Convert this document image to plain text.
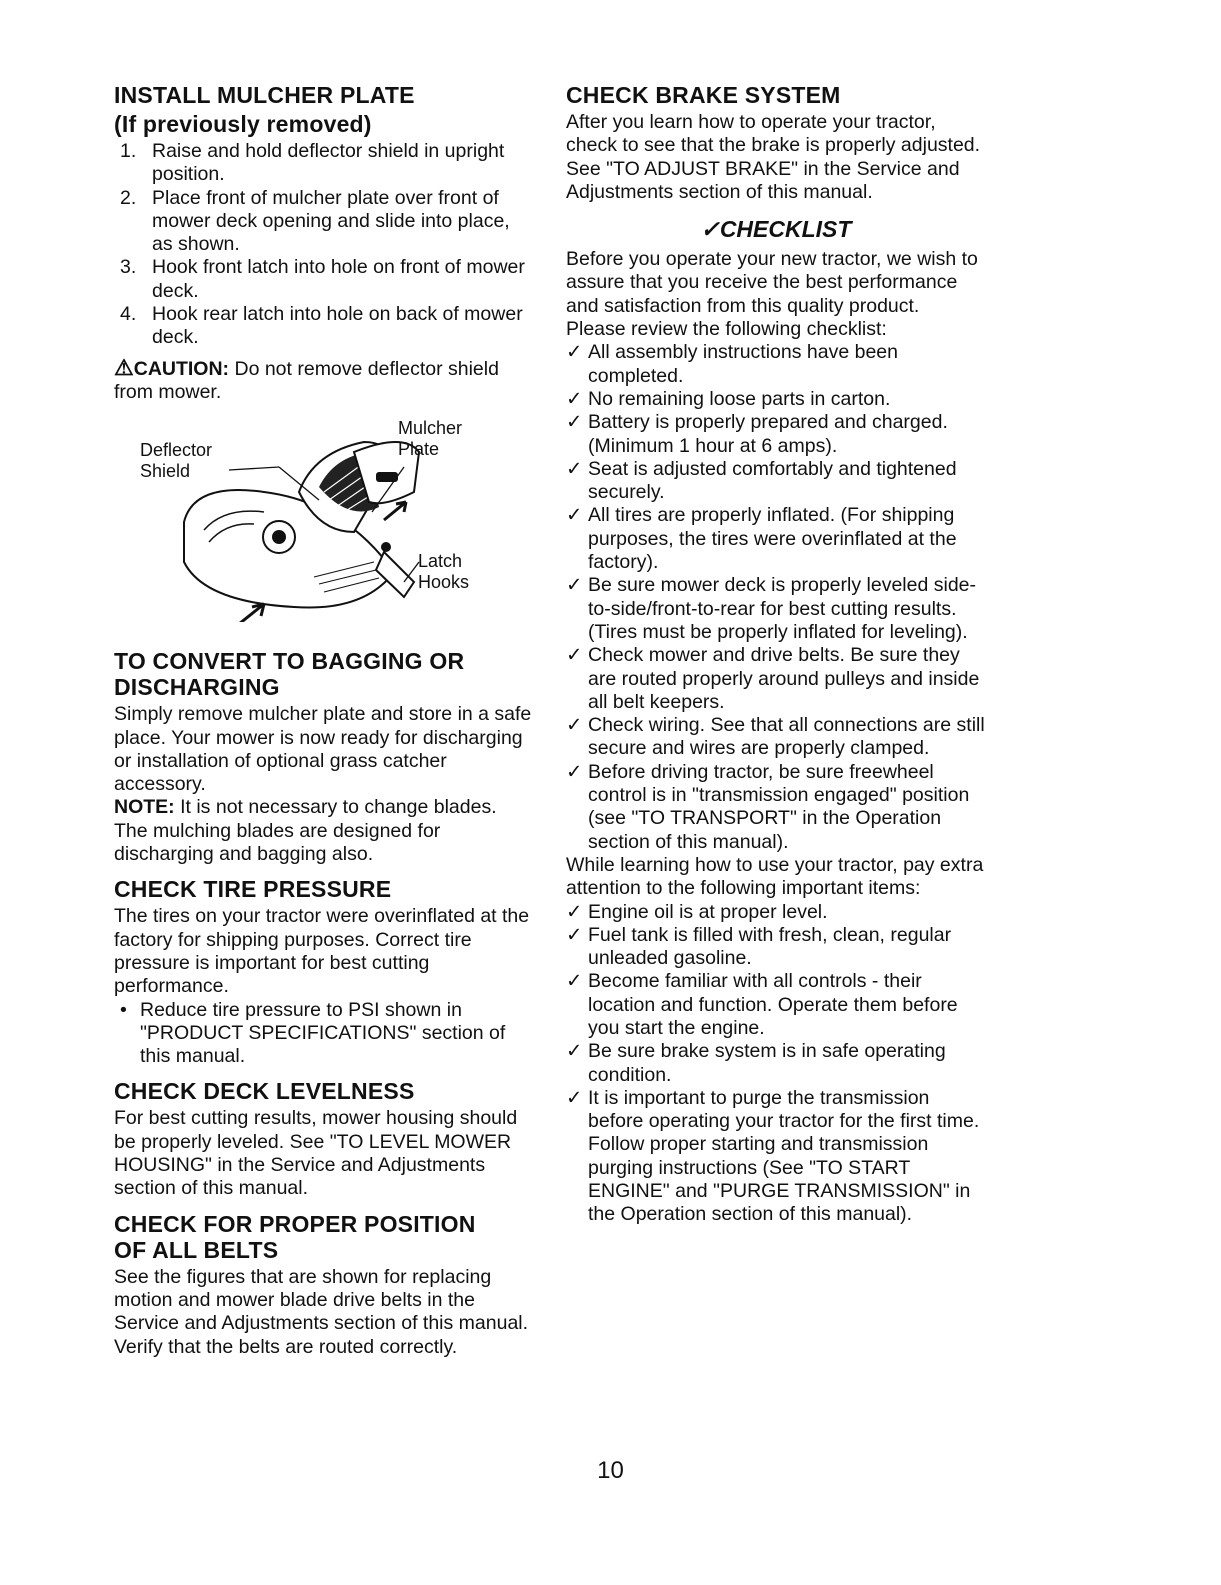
INSTALL MULCHER PLATE
(If previously removed)
1. Raise and hold deflector shield in upright position.
2. Place front of mulcher plate over front of mower deck opening and slide into place, as shown.
3. Hook front latch into hole on front of mower deck.
4. Hook rear latch into hole on back of mower deck.

⚠CAUTION: Do not remove deflector shield from mower.

Deflector
Shield
Mulcher
Plate
Latch
Hooks
TO CONVERT TO BAGGING OR
DISCHARGING

Simply remove mulcher plate and store in a safe place. Your mower is now ready for discharging or installation of optional grass catcher accessory.

NOTE: It is not necessary to change blades. The mulching blades are designed for discharging and bagging also.

CHECK TIRE PRESSURE

The tires on your tractor were overinflated at the factory for shipping purposes. Correct tire pressure is important for best cutting performance.

• Reduce tire pressure to PSI shown in "PRODUCT SPECIFICATIONS" section of this manual.
CHECK DECK LEVELNESS

For best cutting results, mower housing should be properly leveled. See "TO LEVEL MOWER HOUSING" in the Service and Adjustments section of this manual.

CHECK FOR PROPER POSITION
OF ALL BELTS

See the figures that are shown for replacing motion and mower blade drive belts in the Service and Adjustments section of this manual. Verify that the belts are routed correctly.

CHECK BRAKE SYSTEM

After you learn how to operate your tractor, check to see that the brake is properly adjusted. See "TO ADJUST BRAKE" in the Service and Adjustments section of this manual.

✓CHECKLIST

Before you operate your new tractor, we wish to assure that you receive the best performance and satisfaction from this quality product.

Please review the following checklist:

✓ All assembly instructions have been completed.
✓ No remaining loose parts in carton.
✓ Battery is properly prepared and charged. (Minimum 1 hour at 6 amps).
✓ Seat is adjusted comfortably and tightened securely.
✓ All tires are properly inflated. (For shipping purposes, the tires were overinflated at the factory).
✓ Be sure mower deck is properly leveled side-to-side/front-to-rear for best cutting results. (Tires must be properly inflated for leveling).
✓ Check mower and drive belts. Be sure they are routed properly around pulleys and inside all belt keepers.
✓ Check wiring. See that all connections are still secure and wires are properly clamped.
✓ Before driving tractor, be sure freewheel control is in "transmission engaged" position (see "TO TRANSPORT" in the Operation section of this manual).

While learning how to use your tractor, pay extra attention to the following important items:

✓ Engine oil is at proper level.
✓ Fuel tank is filled with fresh, clean, regular unleaded gasoline.
✓ Become familiar with all controls - their location and function. Operate them before you start the engine.
✓ Be sure brake system is in safe operating condition.
✓ It is important to purge the transmission before operating your tractor for the first time. Follow proper starting and transmission purging instructions (See "TO START ENGINE" and "PURGE TRANSMISSION" in the Operation section of this manual).
10
